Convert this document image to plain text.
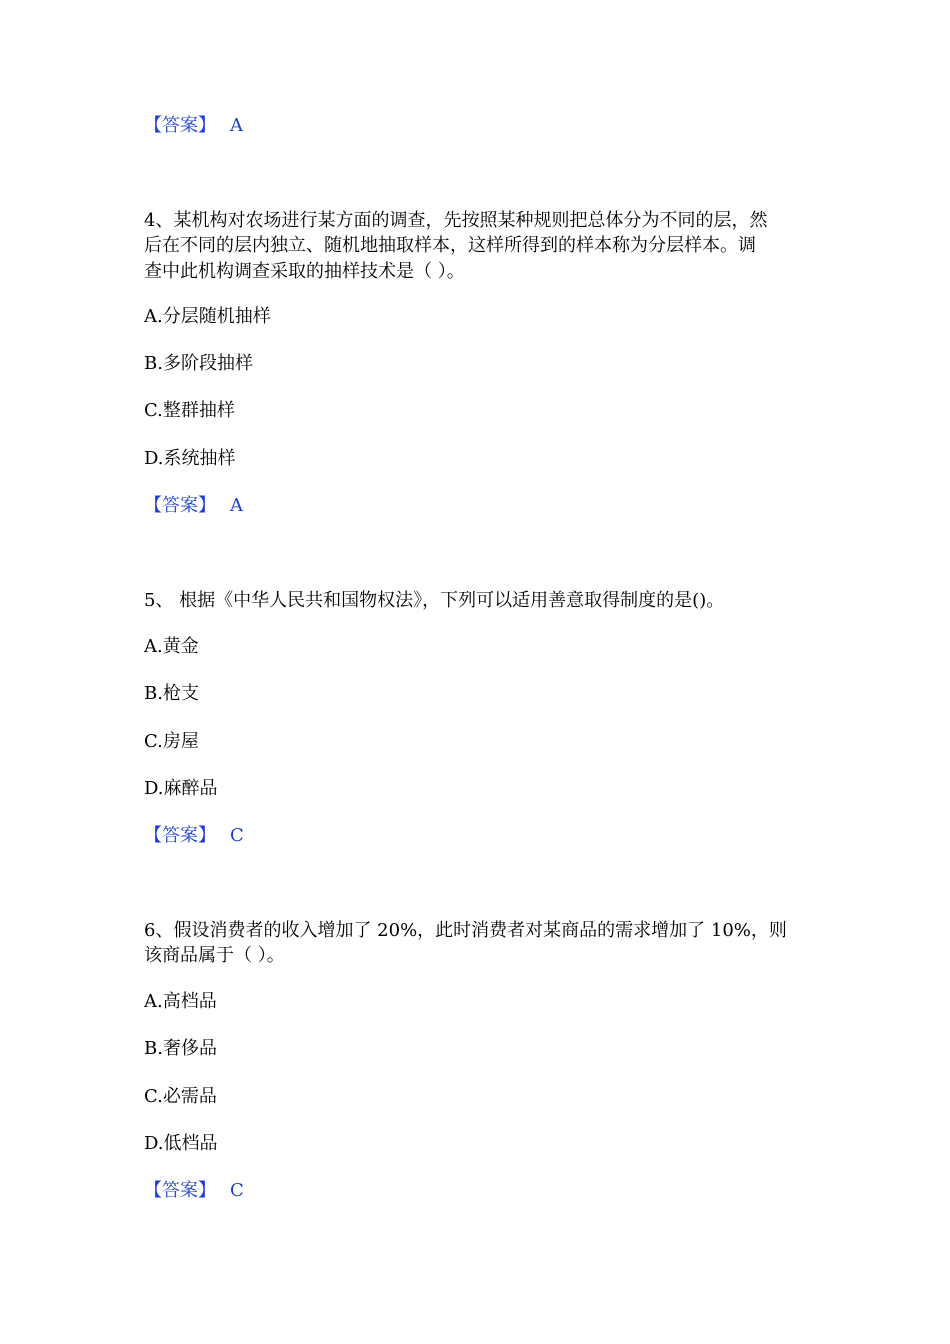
【答案】 A
4、某机构对农场进行某方面的调查，先按照某种规则把总体分为不同的层，然
后在不同的层内独立、随机地抽取样本，这样所得到的样本称为分层样本。调
查中此机构调查采取的抽样技术是（ ）。
A.分层随机抽样
B.多阶段抽样
C.整群抽样
D.系统抽样
【答案】 A
5、 根据《中华人民共和国物权法》，下列可以适用善意取得制度的是()。
A.黄金
B.枪支
C.房屋
D.麻醉品
【答案】 C
6、假设消费者的收入增加了 20%，此时消费者对某商品的需求增加了 10%，则
该商品属于（ ）。
A.高档品
B.奢侈品
C.必需品
D.低档品
【答案】 C
